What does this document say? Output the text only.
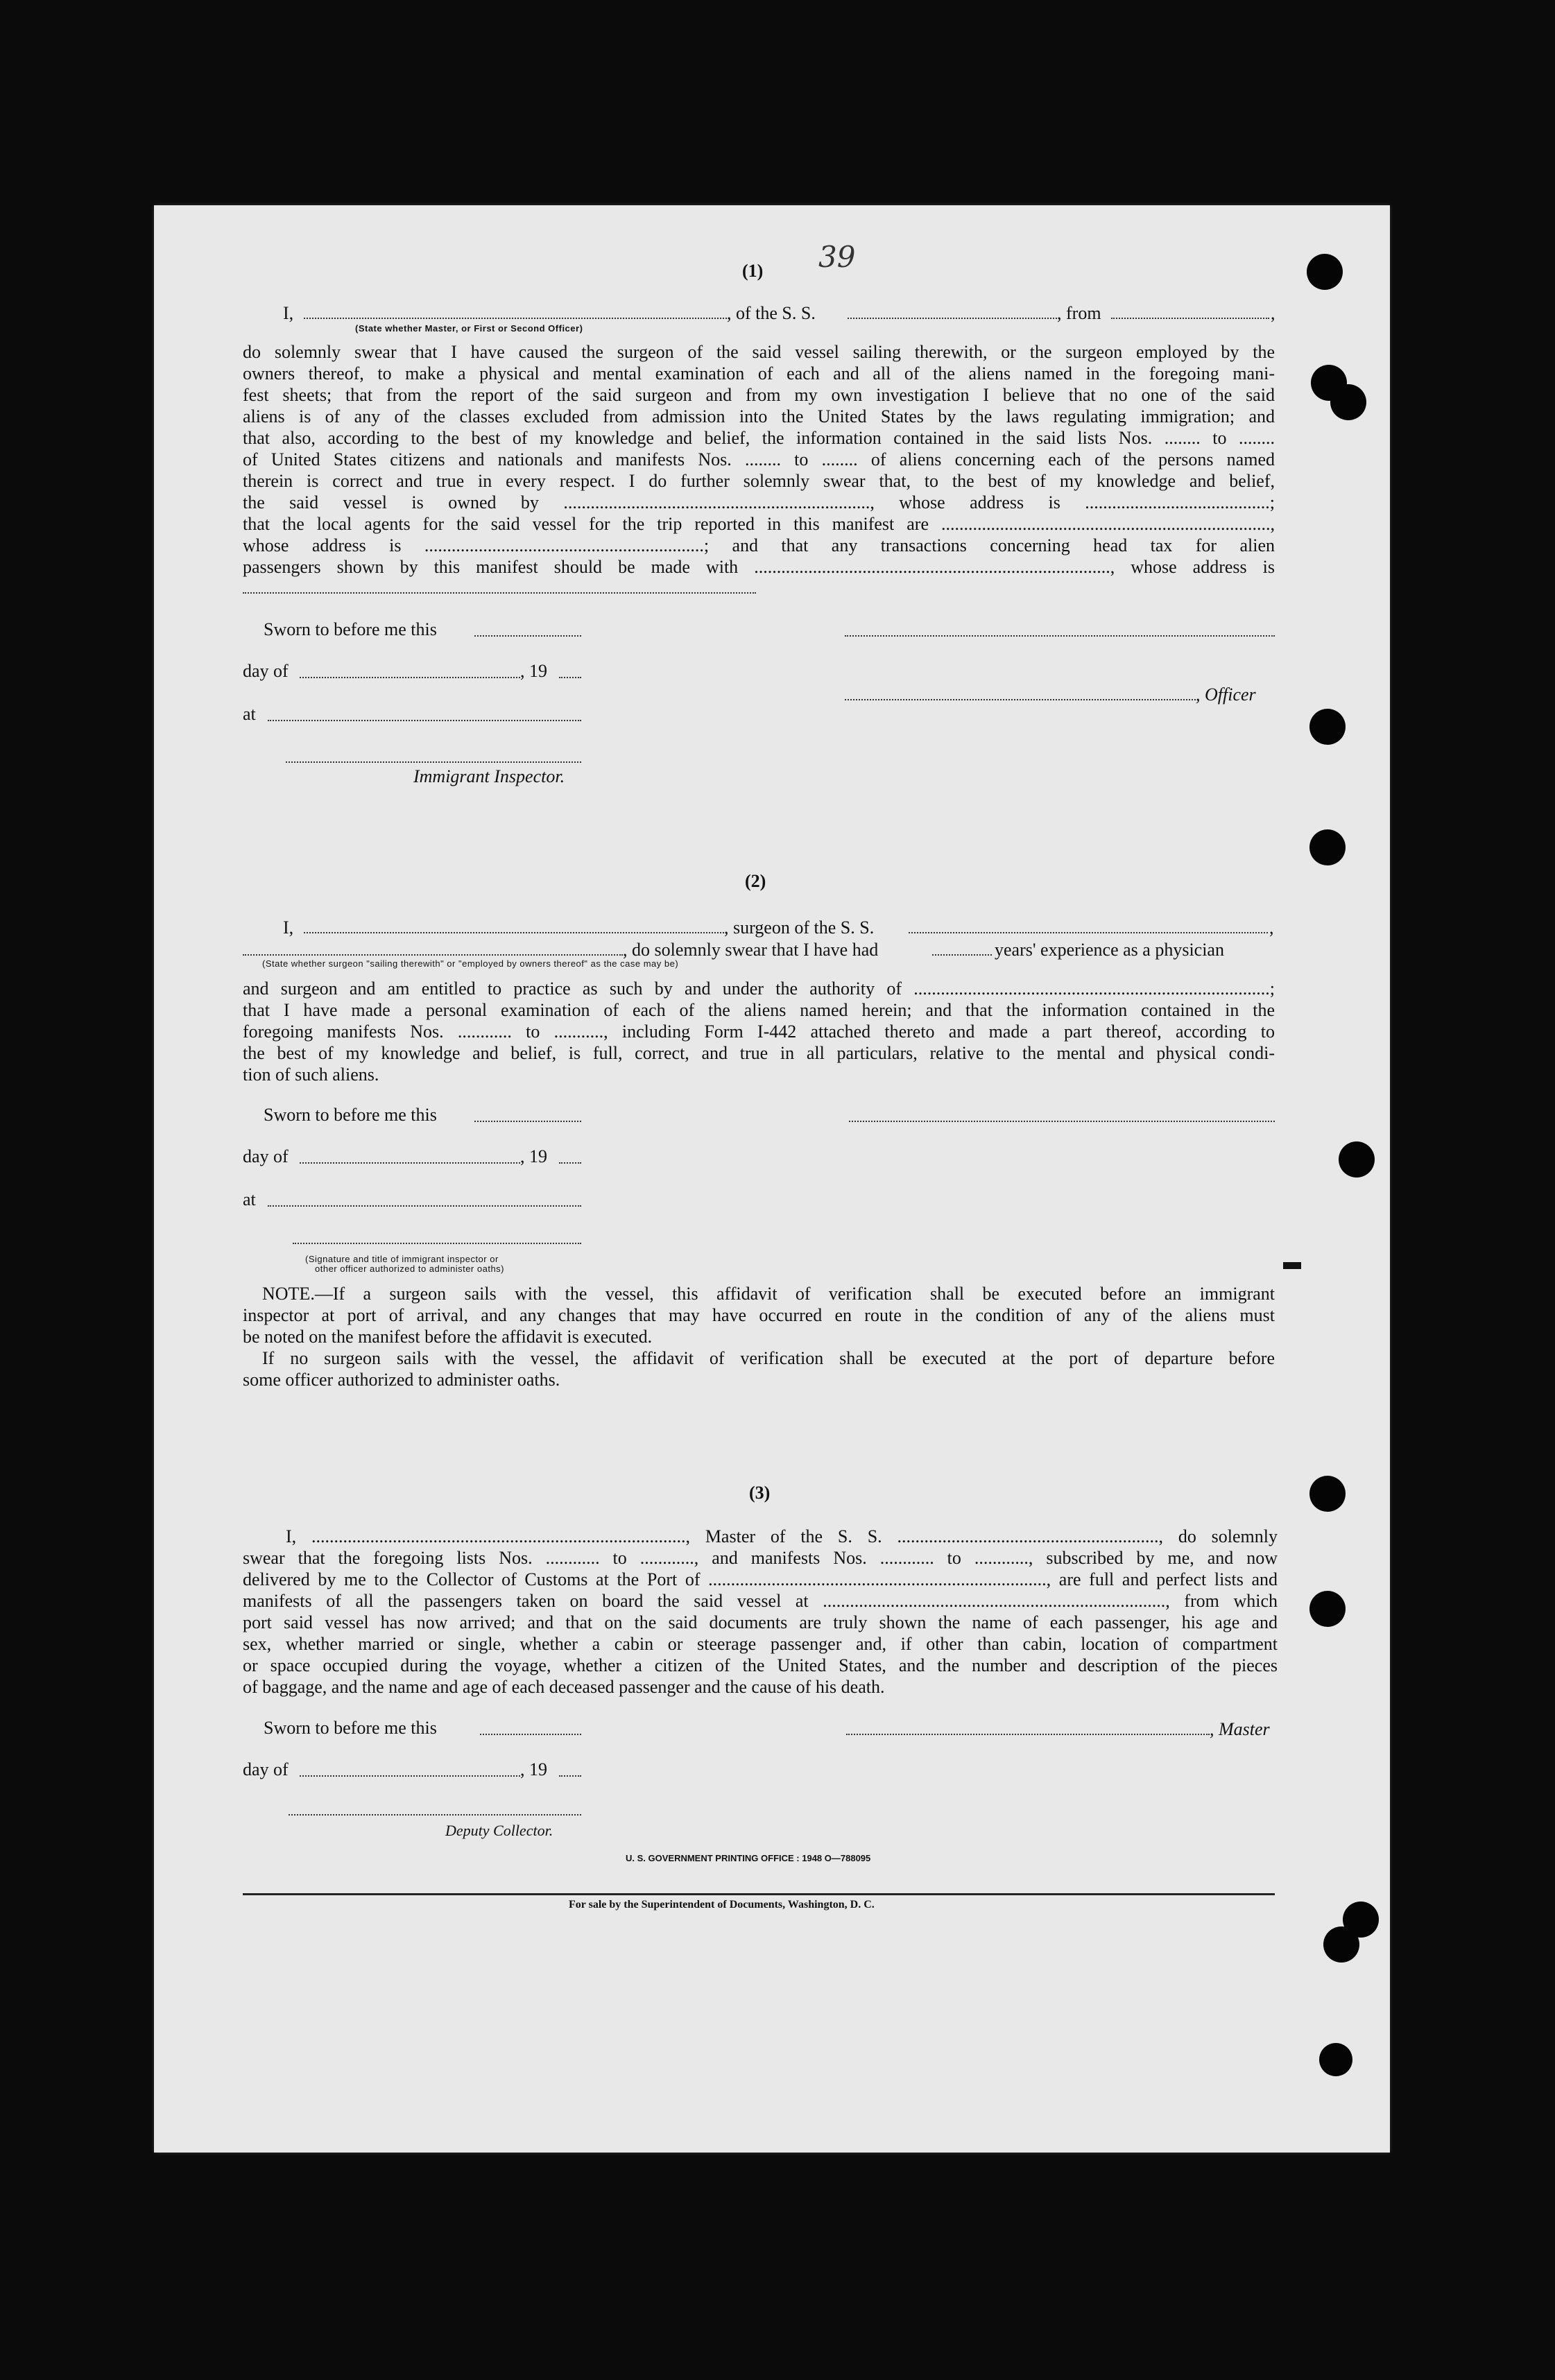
39
(1)
I,	, of the S. S.	, from	,
(State whether Master, or First or Second Officer)
do solemnly swear that I have caused the surgeon of the said vessel sailing therewith, or the surgeon employed by the
owners thereof, to make a physical and mental examination of each and all of the aliens named in the foregoing mani-
fest sheets; that from the report of the said surgeon and from my own investigation I believe that no one of the said
aliens is of any of the classes excluded from admission into the United States by the laws regulating immigration; and
that also, according to the best of my knowledge and belief, the information contained in the said lists Nos. ........ to ........
of United States citizens and nationals and manifests Nos. ........ to ........ of aliens concerning each of the persons named
therein is correct and true in every respect. I do further solemnly swear that, to the best of my knowledge and belief,
the said vessel is owned by ...................................................................., whose address is .........................................;
that the local agents for the said vessel for the trip reported in this manifest are .........................................................................,
whose address is ..............................................................; and that any transactions concerning head tax for alien
passengers shown by this manifest should be made with ..............................................................................., whose address is
Sworn to before me this
day of	, 19
, Officer
at
Immigrant Inspector.
(2)
I,	, surgeon of the S. S.	,
, do solemnly swear that I have had	years' experience as a physician
(State whether surgeon "sailing therewith" or "employed by owners thereof" as the case may be)
and surgeon and am entitled to practice as such by and under the authority of ...............................................................................;
that I have made a personal examination of each of the aliens named herein; and that the information contained in the
foregoing manifests Nos. ............ to ..........., including Form I-442 attached thereto and made a part thereof, according to
the best of my knowledge and belief, is full, correct, and true in all particulars, relative to the mental and physical condi-
tion of such aliens.
Sworn to before me this
day of	, 19
at
(Signature and title of immigrant inspector or
other officer authorized to administer oaths)
NOTE.—If a surgeon sails with the vessel, this affidavit of verification shall be executed before an immigrant
inspector at port of arrival, and any changes that may have occurred en route in the condition of any of the aliens must
be noted on the manifest before the affidavit is executed.
If no surgeon sails with the vessel, the affidavit of verification shall be executed at the port of departure before
some officer authorized to administer oaths.
(3)
I, ..................................................................................., Master of the S. S. .........................................................., do solemnly
swear that the foregoing lists Nos. ............ to ............, and manifests Nos. ............ to ............, subscribed by me, and now
delivered by me to the Collector of Customs at the Port of ..........................................................................., are full and perfect lists and
manifests of all the passengers taken on board the said vessel at ............................................................................, from which
port said vessel has now arrived; and that on the said documents are truly shown the name of each passenger, his age and
sex, whether married or single, whether a cabin or steerage passenger and, if other than cabin, location of compartment
or space occupied during the voyage, whether a citizen of the United States, and the number and description of the pieces
of baggage, and the name and age of each deceased passenger and the cause of his death.
Sworn to before me this	, Master
day of	, 19
Deputy Collector.
U. S. GOVERNMENT PRINTING OFFICE : 1948 O—788095
For sale by the Superintendent of Documents, Washington, D. C.
